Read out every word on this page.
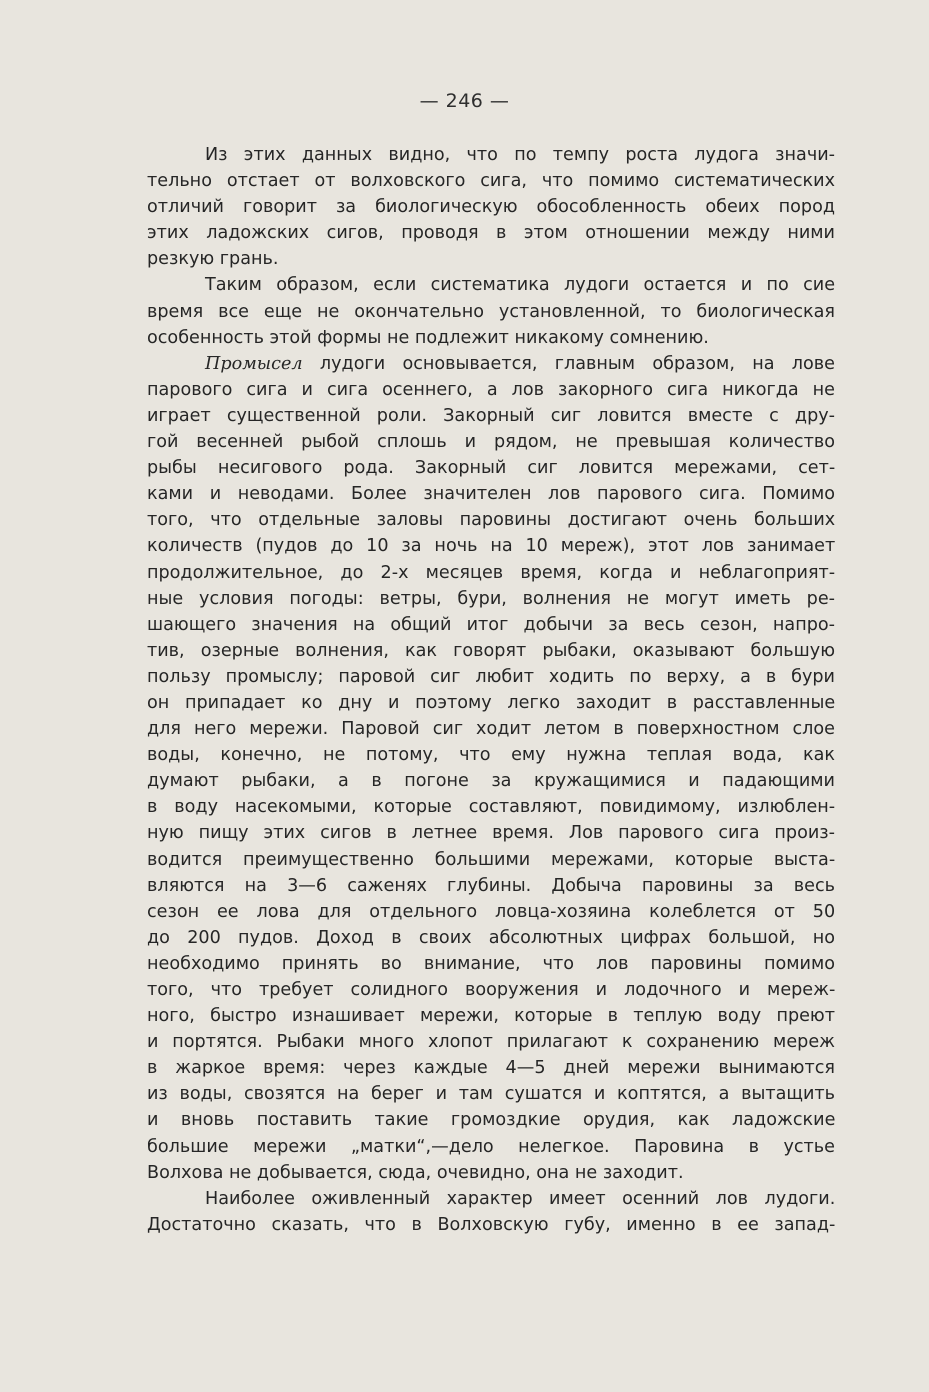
— 246 —

Из этих данных видно, что по темпу роста лудога значи-
тельно отстает от волховского сига, что помимо систематических
отличий говорит за биологическую обособленность обеих пород
этих ладожских сигов, проводя в этом отношении между ними
резкую грань.

Таким образом, если систематика лудоги остается и по сие
время все еще не окончательно установленной, то биологическая
особенность этой формы не подлежит никакому сомнению.

Промысел лудоги основывается, главным образом, на лове
парового сига и сига осеннего, а лов закорного сига никогда не
играет существенной роли. Закорный сиг ловится вместе с дру-
гой весенней рыбой сплошь и рядом, не превышая количество
рыбы несигового рода. Закорный сиг ловится мережами, сет-
ками и неводами. Более значителен лов парового сига. Помимо
того, что отдельные заловы паровины достигают очень больших
количеств (пудов до 10 за ночь на 10 мереж), этот лов занимает
продолжительное, до 2-х месяцев время, когда и неблагоприят-
ные условия погоды: ветры, бури, волнения не могут иметь ре-
шающего значения на общий итог добычи за весь сезон, напро-
тив, озерные волнения, как говорят рыбаки, оказывают большую
пользу промыслу; паровой сиг любит ходить по верху, а в бури
он припадает ко дну и поэтому легко заходит в расставленные
для него мережи. Паровой сиг ходит летом в поверхностном слое
воды, конечно, не потому, что ему нужна теплая вода, как
думают рыбаки, а в погоне за кружащимися и падающими
в воду насекомыми, которые составляют, повидимому, излюблен-
ную пищу этих сигов в летнее время. Лов парового сига произ-
водится преимущественно большими мережами, которые выста-
вляются на 3—6 саженях глубины. Добыча паровины за весь
сезон ее лова для отдельного ловца-хозяина колеблется от 50
до 200 пудов. Доход в своих абсолютных цифрах большой, но
необходимо принять во внимание, что лов паровины помимо
того, что требует солидного вооружения и лодочного и мереж-
ного, быстро изнашивает мережи, которые в теплую воду преют
и портятся. Рыбаки много хлопот прилагают к сохранению мереж
в жаркое время: через каждые 4—5 дней мережи вынимаются
из воды, свозятся на берег и там сушатся и коптятся, а вытащить
и вновь поставить такие громоздкие орудия, как ладожские
большие мережи „матки“,—дело нелегкое. Паровина в устье
Волхова не добывается, сюда, очевидно, она не заходит.

Наиболее оживленный характер имеет осенний лов лудоги.
Достаточно сказать, что в Волховскую губу, именно в ее запад-
